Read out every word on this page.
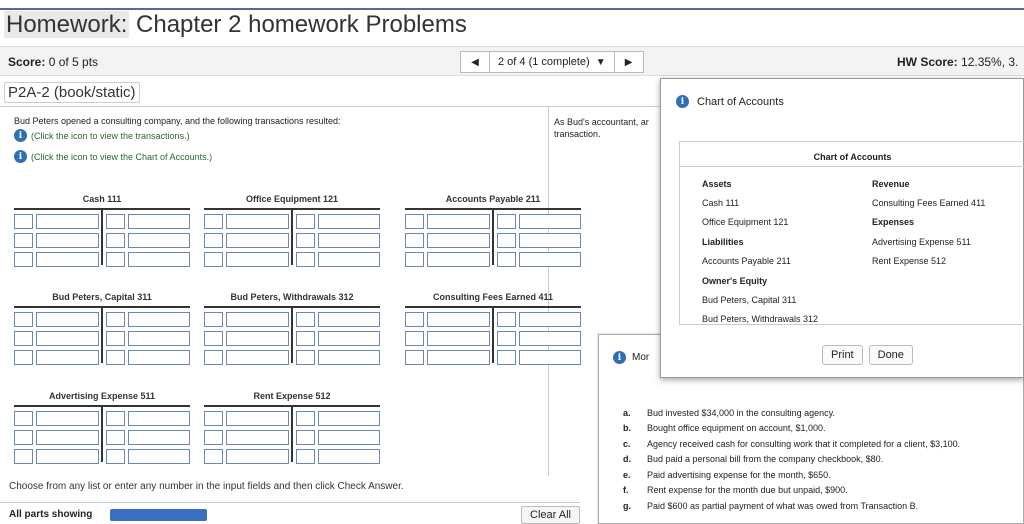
Homework: Chapter 2 homework Problems
Score: 0 of 5 pts	◀	2 of 4 (1 complete) ▼	▶	HW Score: 12.35%, 3.
P2A-2 (book/static)
Bud Peters opened a consulting company, and the following transactions resulted:
i (Click the icon to view the transactions.)
i (Click the icon to view the Chart of Accounts.)
As Bud's accountant, ar transaction.
Cash 111	Office Equipment 121	Accounts Payable 211
Bud Peters, Capital 311	Bud Peters, Withdrawals 312	Consulting Fees Earned 411
Advertising Expense 511	Rent Expense 512
Choose from any list or enter any number in the input fields and then click Check Answer.
All parts showing	Clear All
i	Mor
a.	Bud invested $34,000 in the consulting agency.
b.	Bought office equipment on account, $1,000.
c.	Agency received cash for consulting work that it completed for a client, $3,100.
d.	Bud paid a personal bill from the company checkbook, $80.
e.	Paid advertising expense for the month, $650.
f.	Rent expense for the month due but unpaid, $900.
g.	Paid $600 as partial payment of what was owed from Transaction B.
i	Chart of Accounts
Chart of Accounts
Assets
Cash 111
Office Equipment 121
Liabilities
Accounts Payable 211
Owner's Equity
Bud Peters, Capital 311
Bud Peters, Withdrawals 312
Revenue
Consulting Fees Earned 411
Expenses
Advertising Expense 511
Rent Expense 512
Print	Done
